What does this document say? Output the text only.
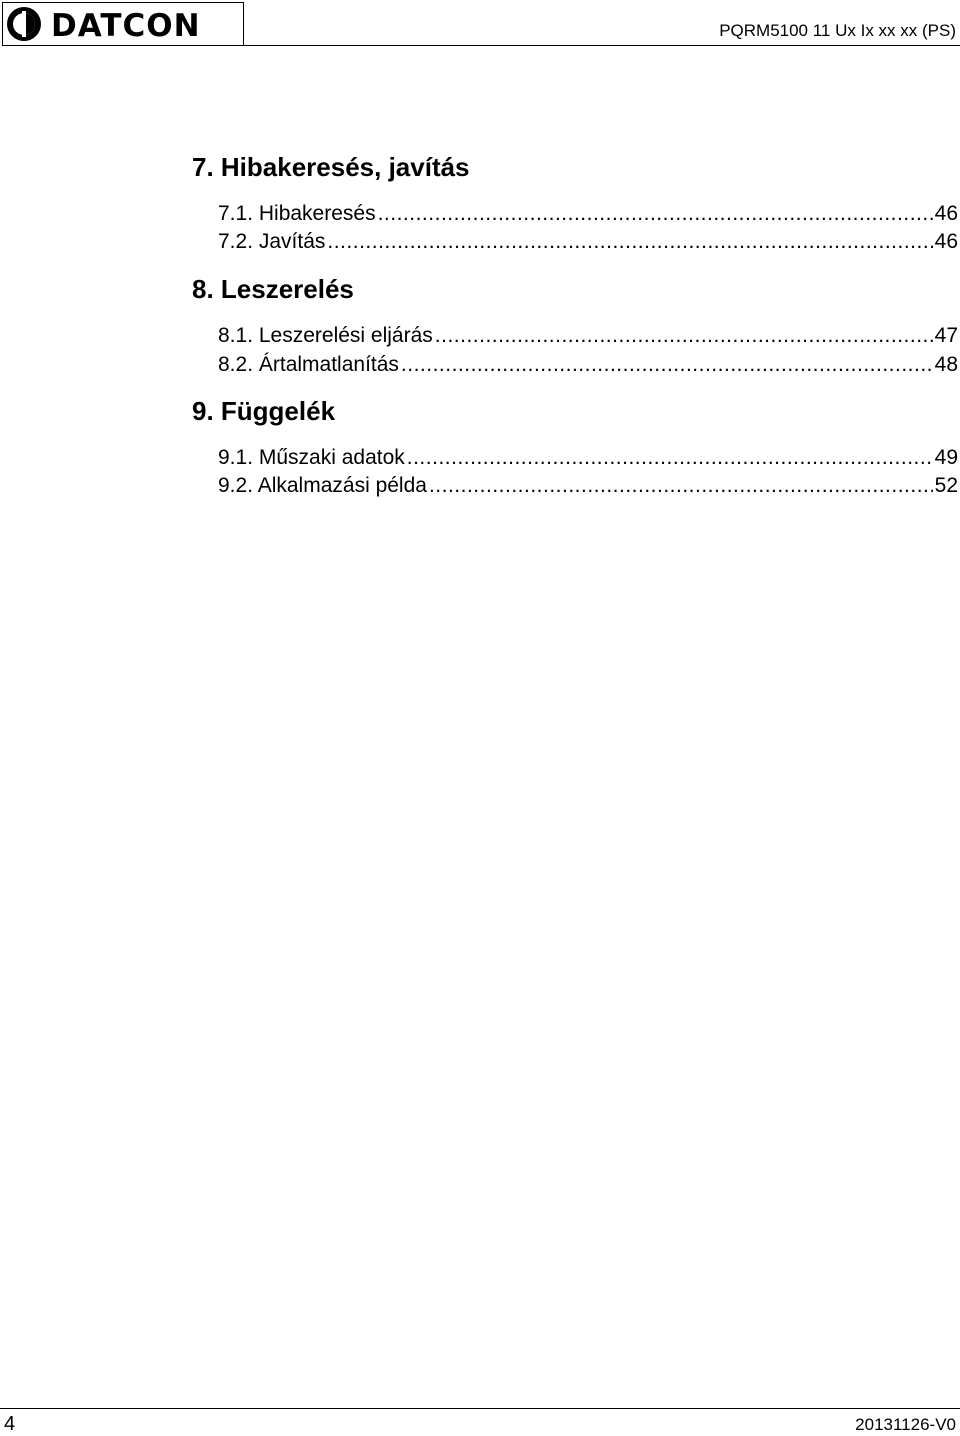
DATCON	PQRM5100 11 Ux Ix xx xx (PS)
7. Hibakeresés, javítás
7.1. Hibakeresés .....	46
7.2. Javítás .....	46
8. Leszerelés
8.1. Leszerelési eljárás .....	47
8.2. Ártalmatlanítás .....	48
9. Függelék
9.1. Műszaki adatok .....	49
9.2. Alkalmazási példa .....	52
4	20131126-V0
